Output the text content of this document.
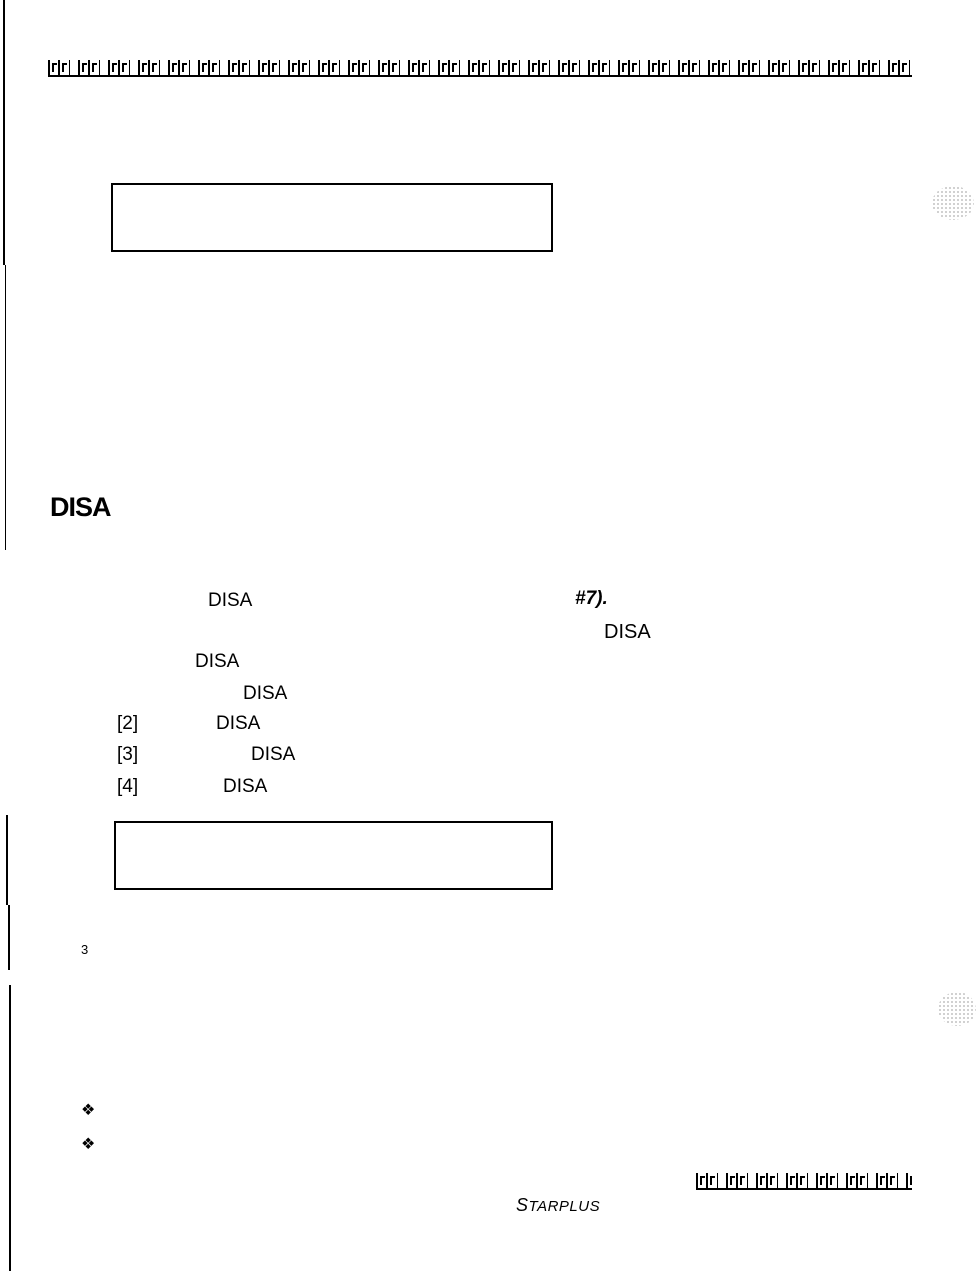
DISA
DISA	#7).
DISA
DISA
DISA
[2]	DISA
[3]	DISA
[4]	DISA
3
❖
❖
STARPLUS
